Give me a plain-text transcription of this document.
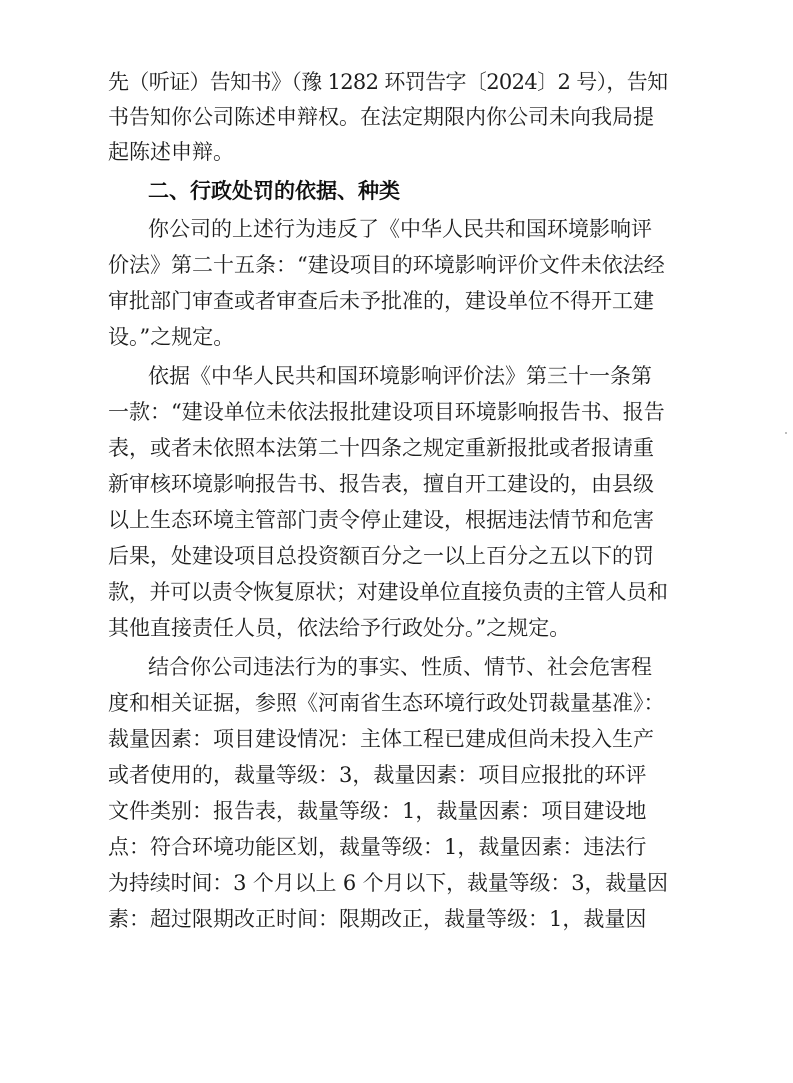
先（听证）告知书》（豫 1282 环罚告字〔2024〕2 号），告知
书告知你公司陈述申辩权。在法定期限内你公司未向我局提
起陈述申辩。
二、行政处罚的依据、种类
你公司的上述行为违反了《中华人民共和国环境影响评
价法》第二十五条：“建设项目的环境影响评价文件未依法经
审批部门审查或者审查后未予批准的，建设单位不得开工建
设。”之规定。
依据《中华人民共和国环境影响评价法》第三十一条第
一款：“建设单位未依法报批建设项目环境影响报告书、报告
表，或者未依照本法第二十四条之规定重新报批或者报请重
新审核环境影响报告书、报告表，擅自开工建设的，由县级
以上生态环境主管部门责令停止建设，根据违法情节和危害
后果，处建设项目总投资额百分之一以上百分之五以下的罚
款，并可以责令恢复原状；对建设单位直接负责的主管人员和
其他直接责任人员，依法给予行政处分。”之规定。
结合你公司违法行为的事实、性质、情节、社会危害程
度和相关证据，参照《河南省生态环境行政处罚裁量基准》：
裁量因素：项目建设情况：主体工程已建成但尚未投入生产
或者使用的，裁量等级：3，裁量因素：项目应报批的环评
文件类别：报告表，裁量等级：1，裁量因素：项目建设地
点：符合环境功能区划，裁量等级：1，裁量因素：违法行
为持续时间：3 个月以上 6 个月以下，裁量等级：3，裁量因
素：超过限期改正时间：限期改正，裁量等级：1，裁量因
